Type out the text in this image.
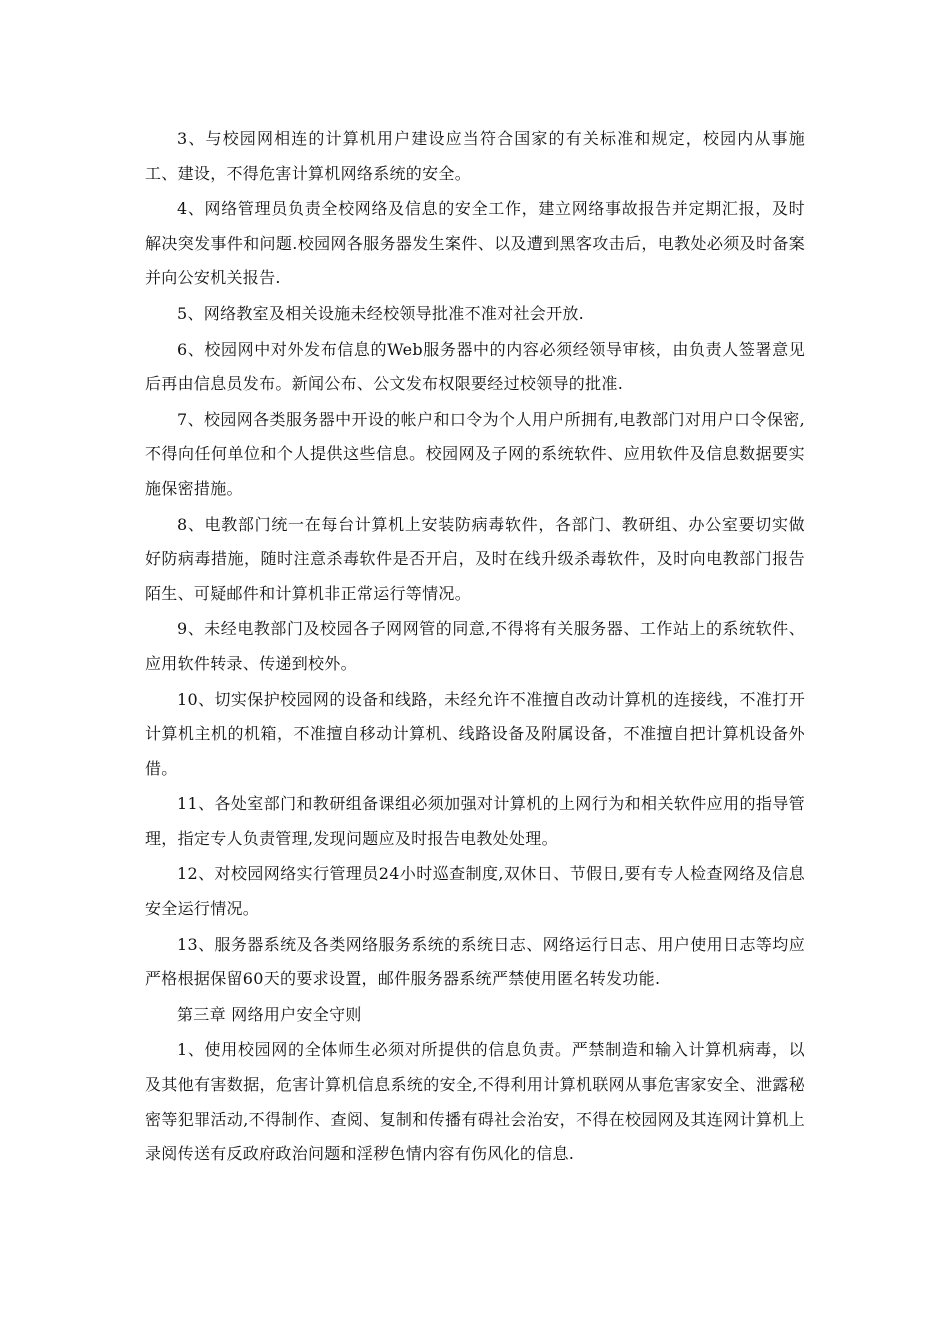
3、与校园网相连的计算机用户建设应当符合国家的有关标准和规定，校园内从事施工、建设，不得危害计算机网络系统的安全。

4、网络管理员负责全校网络及信息的安全工作，建立网络事故报告并定期汇报，及时解决突发事件和问题.校园网各服务器发生案件、以及遭到黑客攻击后，电教处必须及时备案并向公安机关报告.

5、网络教室及相关设施未经校领导批准不准对社会开放.

6、校园网中对外发布信息的Web服务器中的内容必须经领导审核，由负责人签署意见后再由信息员发布。新闻公布、公文发布权限要经过校领导的批准.

7、校园网各类服务器中开设的帐户和口令为个人用户所拥有,电教部门对用户口令保密,不得向任何单位和个人提供这些信息。校园网及子网的系统软件、应用软件及信息数据要实施保密措施。

8、电教部门统一在每台计算机上安装防病毒软件，各部门、教研组、办公室要切实做好防病毒措施，随时注意杀毒软件是否开启，及时在线升级杀毒软件，及时向电教部门报告陌生、可疑邮件和计算机非正常运行等情况。

9、未经电教部门及校园各子网网管的同意,不得将有关服务器、工作站上的系统软件、应用软件转录、传递到校外。

10、切实保护校园网的设备和线路，未经允许不准擅自改动计算机的连接线，不准打开计算机主机的机箱，不准擅自移动计算机、线路设备及附属设备，不准擅自把计算机设备外借。

11、各处室部门和教研组备课组必须加强对计算机的上网行为和相关软件应用的指导管理，指定专人负责管理,发现问题应及时报告电教处处理。

12、对校园网络实行管理员24小时巡查制度,双休日、节假日,要有专人检查网络及信息安全运行情况。

13、服务器系统及各类网络服务系统的系统日志、网络运行日志、用户使用日志等均应严格根据保留60天的要求设置，邮件服务器系统严禁使用匿名转发功能.

第三章 网络用户安全守则

1、使用校园网的全体师生必须对所提供的信息负责。严禁制造和输入计算机病毒，以及其他有害数据，危害计算机信息系统的安全,不得利用计算机联网从事危害家安全、泄露秘密等犯罪活动,不得制作、查阅、复制和传播有碍社会治安，不得在校园网及其连网计算机上录阅传送有反政府政治问题和淫秽色情内容有伤风化的信息.
